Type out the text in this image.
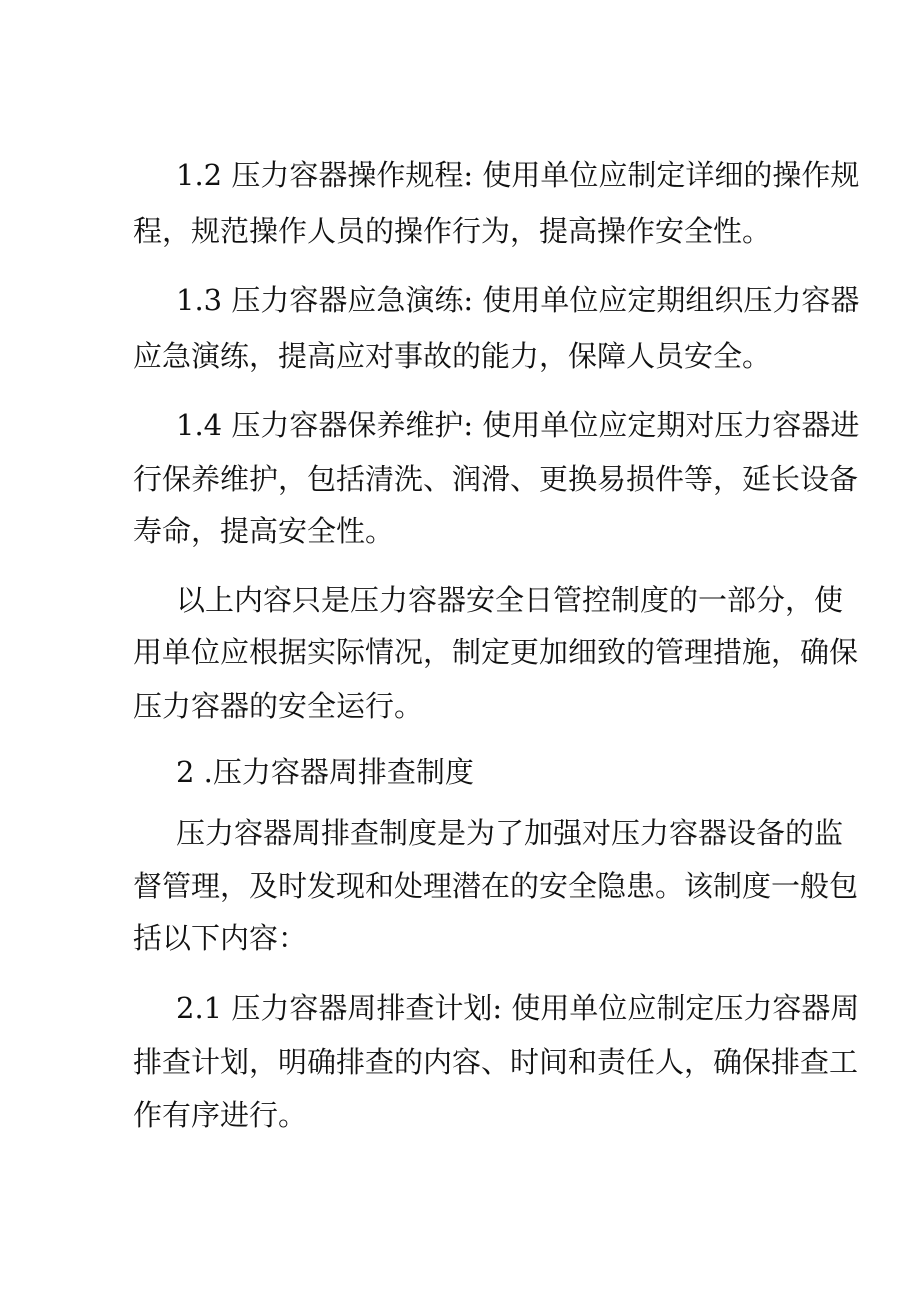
1.2 压力容器操作规程: 使用单位应制定详细的操作规
程，规范操作人员的操作行为，提高操作安全性。
1.3 压力容器应急演练: 使用单位应定期组织压力容器
应急演练，提高应对事故的能力，保障人员安全。
1.4 压力容器保养维护: 使用单位应定期对压力容器进
行保养维护，包括清洗、润滑、更换易损件等，延长设备
寿命，提高安全性。
以上内容只是压力容器安全日管控制度的一部分，使
用单位应根据实际情况，制定更加细致的管理措施，确保
压力容器的安全运行。
2 .压力容器周排查制度
压力容器周排查制度是为了加强对压力容器设备的监
督管理，及时发现和处理潜在的安全隐患。该制度一般包
括以下内容：
2.1 压力容器周排查计划: 使用单位应制定压力容器周
排查计划，明确排查的内容、时间和责任人，确保排查工
作有序进行。
